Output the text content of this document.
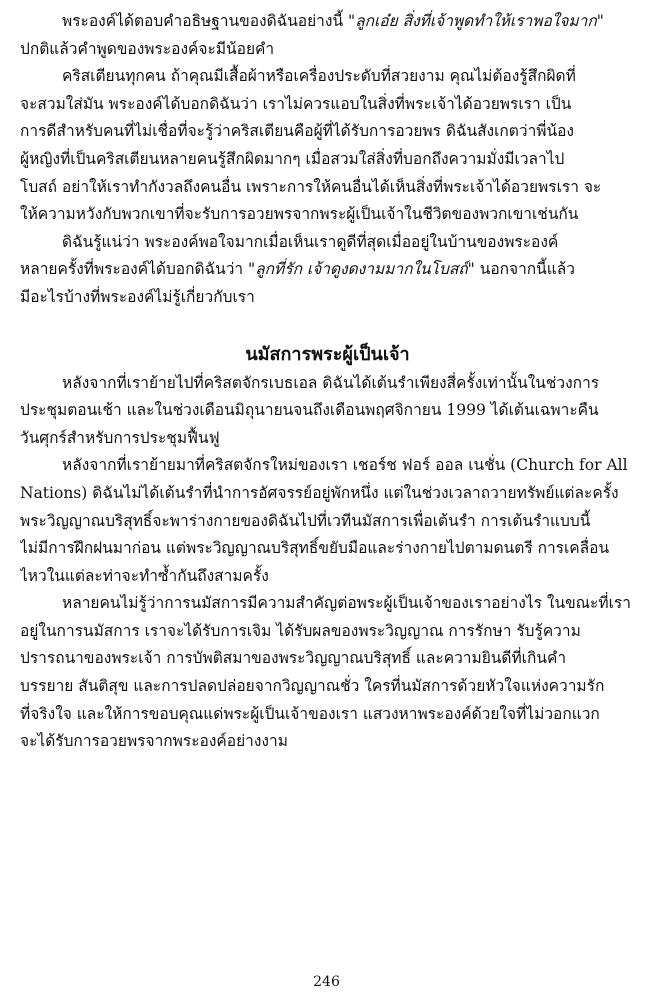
พระองค์ได้ตอบคำอธิษฐานของดิฉันอย่างนี้ "ลูกเอ๋ย สิ่งที่เจ้าพูดทำให้เราพอใจมาก"
ปกติแล้วคำพูดของพระองค์จะมีน้อยคำ

คริสเตียนทุกคน ถ้าคุณมีเสื้อผ้าหรือเครื่องประดับที่สวยงาม คุณไม่ต้องรู้สึกผิดที่
จะสวมใส่มัน พระองค์ได้บอกดิฉันว่า เราไม่ควรแอบในสิ่งที่พระเจ้าได้อวยพรเรา เป็น
การดีสำหรับคนที่ไม่เชื่อที่จะรู้ว่าคริสเตียนคือผู้ที่ได้รับการอวยพร ดิฉันสังเกตว่าพี่น้อง
ผู้หญิงที่เป็นคริสเตียนหลายคนรู้สึกผิดมากๆ เมื่อสวมใส่สิ่งที่บอกถึงความมั่งมีเวลาไป
โบสถ์ อย่าให้เราทำกังวลถึงคนอื่น เพราะการให้คนอื่นได้เห็นสิ่งที่พระเจ้าได้อวยพรเรา จะ
ให้ความหวังกับพวกเขาที่จะรับการอวยพรจากพระผู้เป็นเจ้าในชีวิตของพวกเขาเช่นกัน

ดิฉันรู้แน่ว่า พระองค์พอใจมากเมื่อเห็นเราดูดีที่สุดเมื่ออยู่ในบ้านของพระองค์
หลายครั้งที่พระองค์ได้บอกดิฉันว่า "ลูกที่รัก เจ้าดูงดงามมากในโบสถ์" นอกจากนี้แล้ว
มีอะไรบ้างที่พระองค์ไม่รู้เกี่ยวกับเรา

นมัสการพระผู้เป็นเจ้า

หลังจากที่เราย้ายไปที่คริสตจักรเบธเอล ดิฉันได้เต้นรำเพียงสี่ครั้งเท่านั้นในช่วงการ
ประชุมตอนเช้า และในช่วงเดือนมิถุนายนจนถึงเดือนพฤศจิกายน 1999 ได้เต้นเฉพาะคืน
วันศุกร์สำหรับการประชุมฟื้นฟู

หลังจากที่เราย้ายมาที่คริสตจักรใหม่ของเรา เชอร์ช ฟอร์ ออล เนชั่น (Church for All
Nations) ดิฉันไม่ได้เต้นรำที่นำการอัศจรรย์อยู่พักหนึ่ง แต่ในช่วงเวลาถวายทรัพย์แต่ละครั้ง
พระวิญญาณบริสุทธิ์จะพาร่างกายของดิฉันไปที่เวทีนมัสการเพื่อเต้นรำ การเต้นรำแบบนี้
ไม่มีการฝึกฝนมาก่อน แต่พระวิญญาณบริสุทธิ์ขยับมือและร่างกายไปตามดนตรี การเคลื่อน
ไหวในแต่ละท่าจะทำซ้ำกันถึงสามครั้ง

หลายคนไม่รู้ว่าการนมัสการมีความสำคัญต่อพระผู้เป็นเจ้าของเราอย่างไร ในขณะที่เรา
อยู่ในการนมัสการ เราจะได้รับการเจิม ได้รับผลของพระวิญญาณ การรักษา รับรู้ความ
ปรารถนาของพระเจ้า การบัพติสมาของพระวิญญาณบริสุทธิ์ และความยินดีที่เกินคำ
บรรยาย สันติสุข และการปลดปล่อยจากวิญญาณชั่ว ใครที่นมัสการด้วยหัวใจแห่งความรัก
ที่จริงใจ และให้การขอบคุณแด่พระผู้เป็นเจ้าของเรา แสวงหาพระองค์ด้วยใจที่ไม่วอกแวก
จะได้รับการอวยพรจากพระองค์อย่างงาม

246
